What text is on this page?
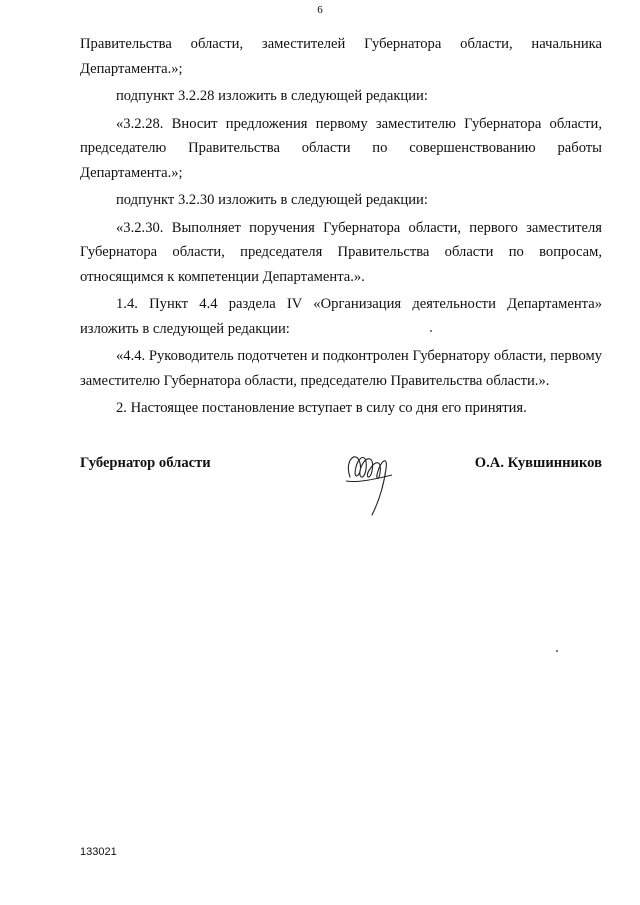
6

Правительства области, заместителей Губернатора области, начальника Департамента.»;

подпункт 3.2.28 изложить в следующей редакции:

«3.2.28. Вносит предложения первому заместителю Губернатора области, председателю Правительства области по совершенствованию работы Департамента.»;

подпункт 3.2.30 изложить в следующей редакции:

«3.2.30. Выполняет поручения Губернатора области, первого заместителя Губернатора области, председателя Правительства области по вопросам, относящимся к компетенции Департамента.».

1.4. Пункт 4.4 раздела IV «Организация деятельности Департамента» изложить в следующей редакции:

«4.4. Руководитель подотчетен и подконтролен Губернатору области, первому заместителю Губернатора области, председателю Правительства области.».

2. Настоящее постановление вступает в силу со дня его принятия.

Губернатор области	О.А. Кувшинников
133021
